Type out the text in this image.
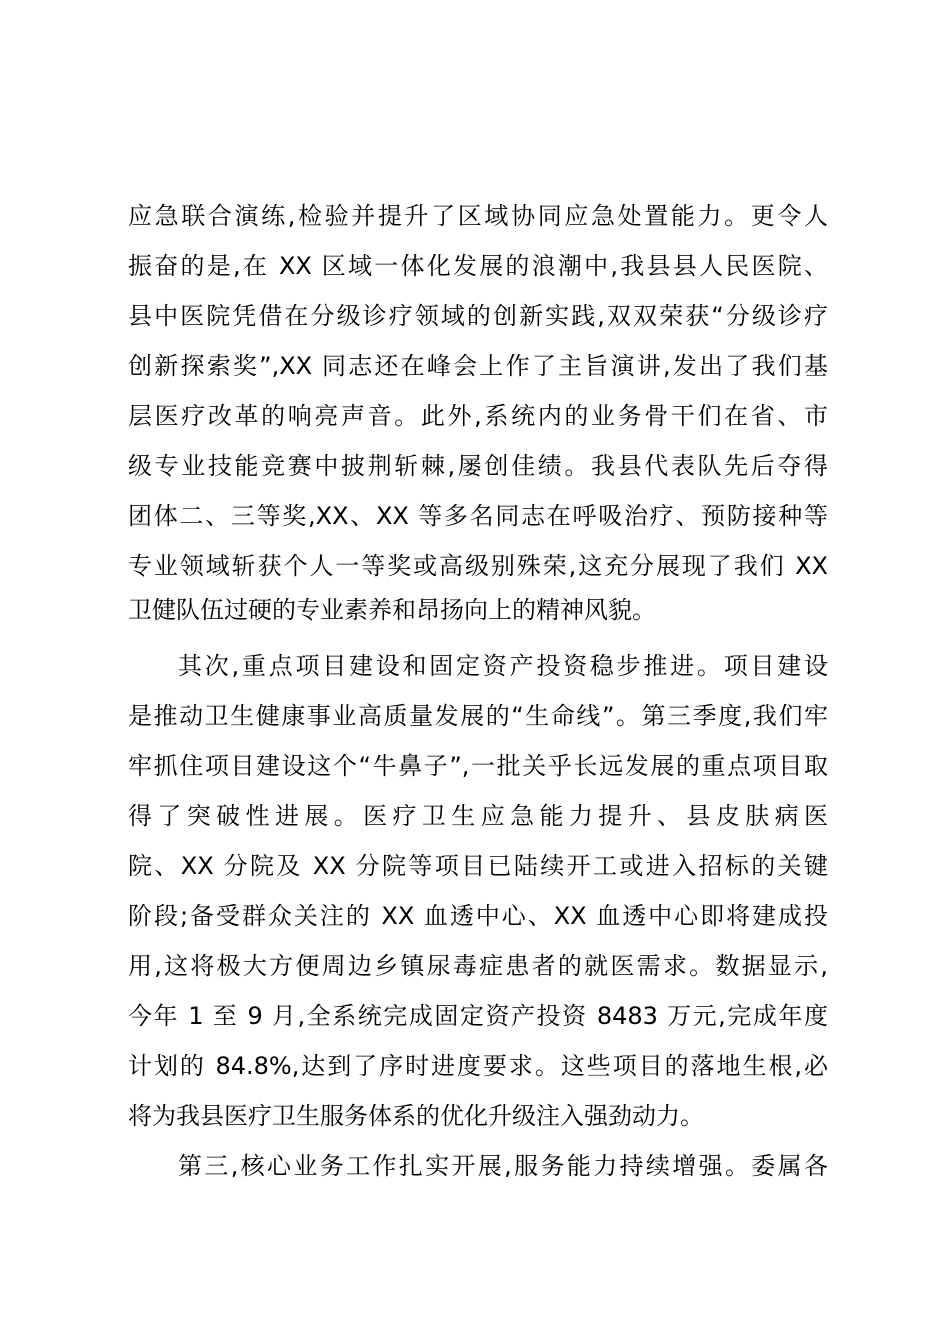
应急联合演练,检验并提升了区域协同应急处置能力。更令人
振奋的是,在 XX 区域一体化发展的浪潮中,我县县人民医院、
县中医院凭借在分级诊疗领域的创新实践,双双荣获“分级诊疗
创新探索奖”,XX 同志还在峰会上作了主旨演讲,发出了我们基
层医疗改革的响亮声音。此外,系统内的业务骨干们在省、市
级专业技能竞赛中披荆斩棘,屡创佳绩。我县代表队先后夺得
团体二、三等奖,XX、XX 等多名同志在呼吸治疗、预防接种等
专业领域斩获个人一等奖或高级别殊荣,这充分展现了我们 XX
卫健队伍过硬的专业素养和昂扬向上的精神风貌。
其次,重点项目建设和固定资产投资稳步推进。项目建设
是推动卫生健康事业高质量发展的“生命线”。第三季度,我们牢
牢抓住项目建设这个“牛鼻子”,一批关乎长远发展的重点项目取
得了突破性进展。医疗卫生应急能力提升、县皮肤病医
院、XX 分院及 XX 分院等项目已陆续开工或进入招标的关键
阶段;备受群众关注的 XX 血透中心、XX 血透中心即将建成投
用,这将极大方便周边乡镇尿毒症患者的就医需求。数据显示,
今年 1 至 9 月,全系统完成固定资产投资 8483 万元,完成年度
计划的 84.8%,达到了序时进度要求。这些项目的落地生根,必
将为我县医疗卫生服务体系的优化升级注入强劲动力。
第三,核心业务工作扎实开展,服务能力持续增强。委属各
